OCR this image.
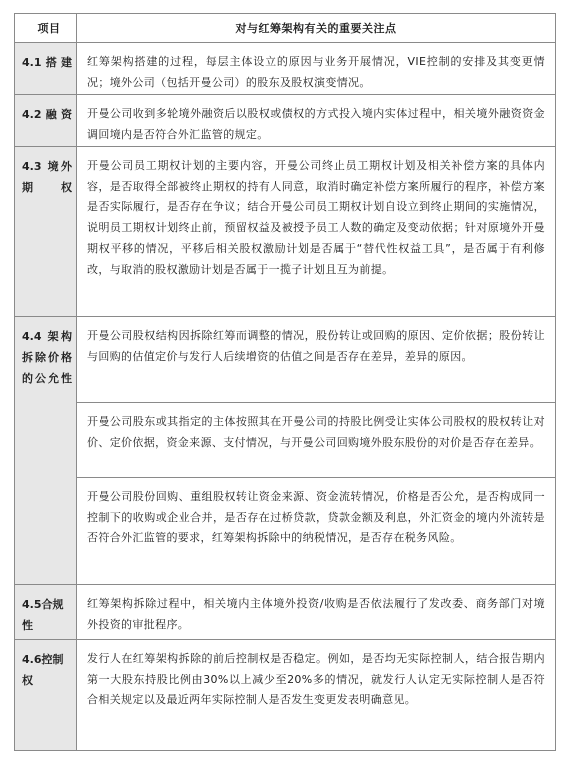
项目	对与红筹架构有关的重要关注点
4.1搭建	红筹架构搭建的过程，每层主体设立的原因与业务开展情况，VIE控制的安排及其变更情况；境外公司（包括开曼公司）的股东及股权演变情况。
4.2融资	开曼公司收到多轮境外融资后以股权或债权的方式投入境内实体过程中，相关境外融资资金调回境内是否符合外汇监管的规定。
4.3 境外期权	开曼公司员工期权计划的主要内容，开曼公司终止员工期权计划及相关补偿方案的具体内容，是否取得全部被终止期权的持有人同意，取消时确定补偿方案所履行的程序，补偿方案是否实际履行，是否存在争议；结合开曼公司员工期权计划自设立到终止期间的实施情况，说明员工期权计划终止前，预留权益及被授予员工人数的确定及变动依据；针对原境外开曼期权平移的情况，平移后相关股权激励计划是否属于“替代性权益工具”，是否属于有利修改，与取消的股权激励计划是否属于一揽子计划且互为前提。
4.4 架构拆除价格的公允性	开曼公司股权结构因拆除红筹而调整的情况，股份转让或回购的原因、定价依据；股份转让与回购的估值定价与发行人后续增资的估值之间是否存在差异，差异的原因。
	开曼公司股东或其指定的主体按照其在开曼公司的持股比例受让实体公司股权的股权转让对价、定价依据，资金来源、支付情况，与开曼公司回购境外股东股份的对价是否存在差异。
	开曼公司股份回购、重组股权转让资金来源、资金流转情况，价格是否公允，是否构成同一控制下的收购或企业合并，是否存在过桥贷款，贷款金额及利息，外汇资金的境内外流转是否符合外汇监管的要求，红筹架构拆除中的纳税情况，是否存在税务风险。
4.5合规性	红筹架构拆除过程中，相关境内主体境外投资/收购是否依法履行了发改委、商务部门对境外投资的审批程序。
4.6控制权	发行人在红筹架构拆除的前后控制权是否稳定。例如，是否均无实际控制人，结合报告期内第一大股东持股比例由30%以上减少至20%多的情况，就发行人认定无实际控制人是否符合相关规定以及最近两年实际控制人是否发生变更发表明确意见。
